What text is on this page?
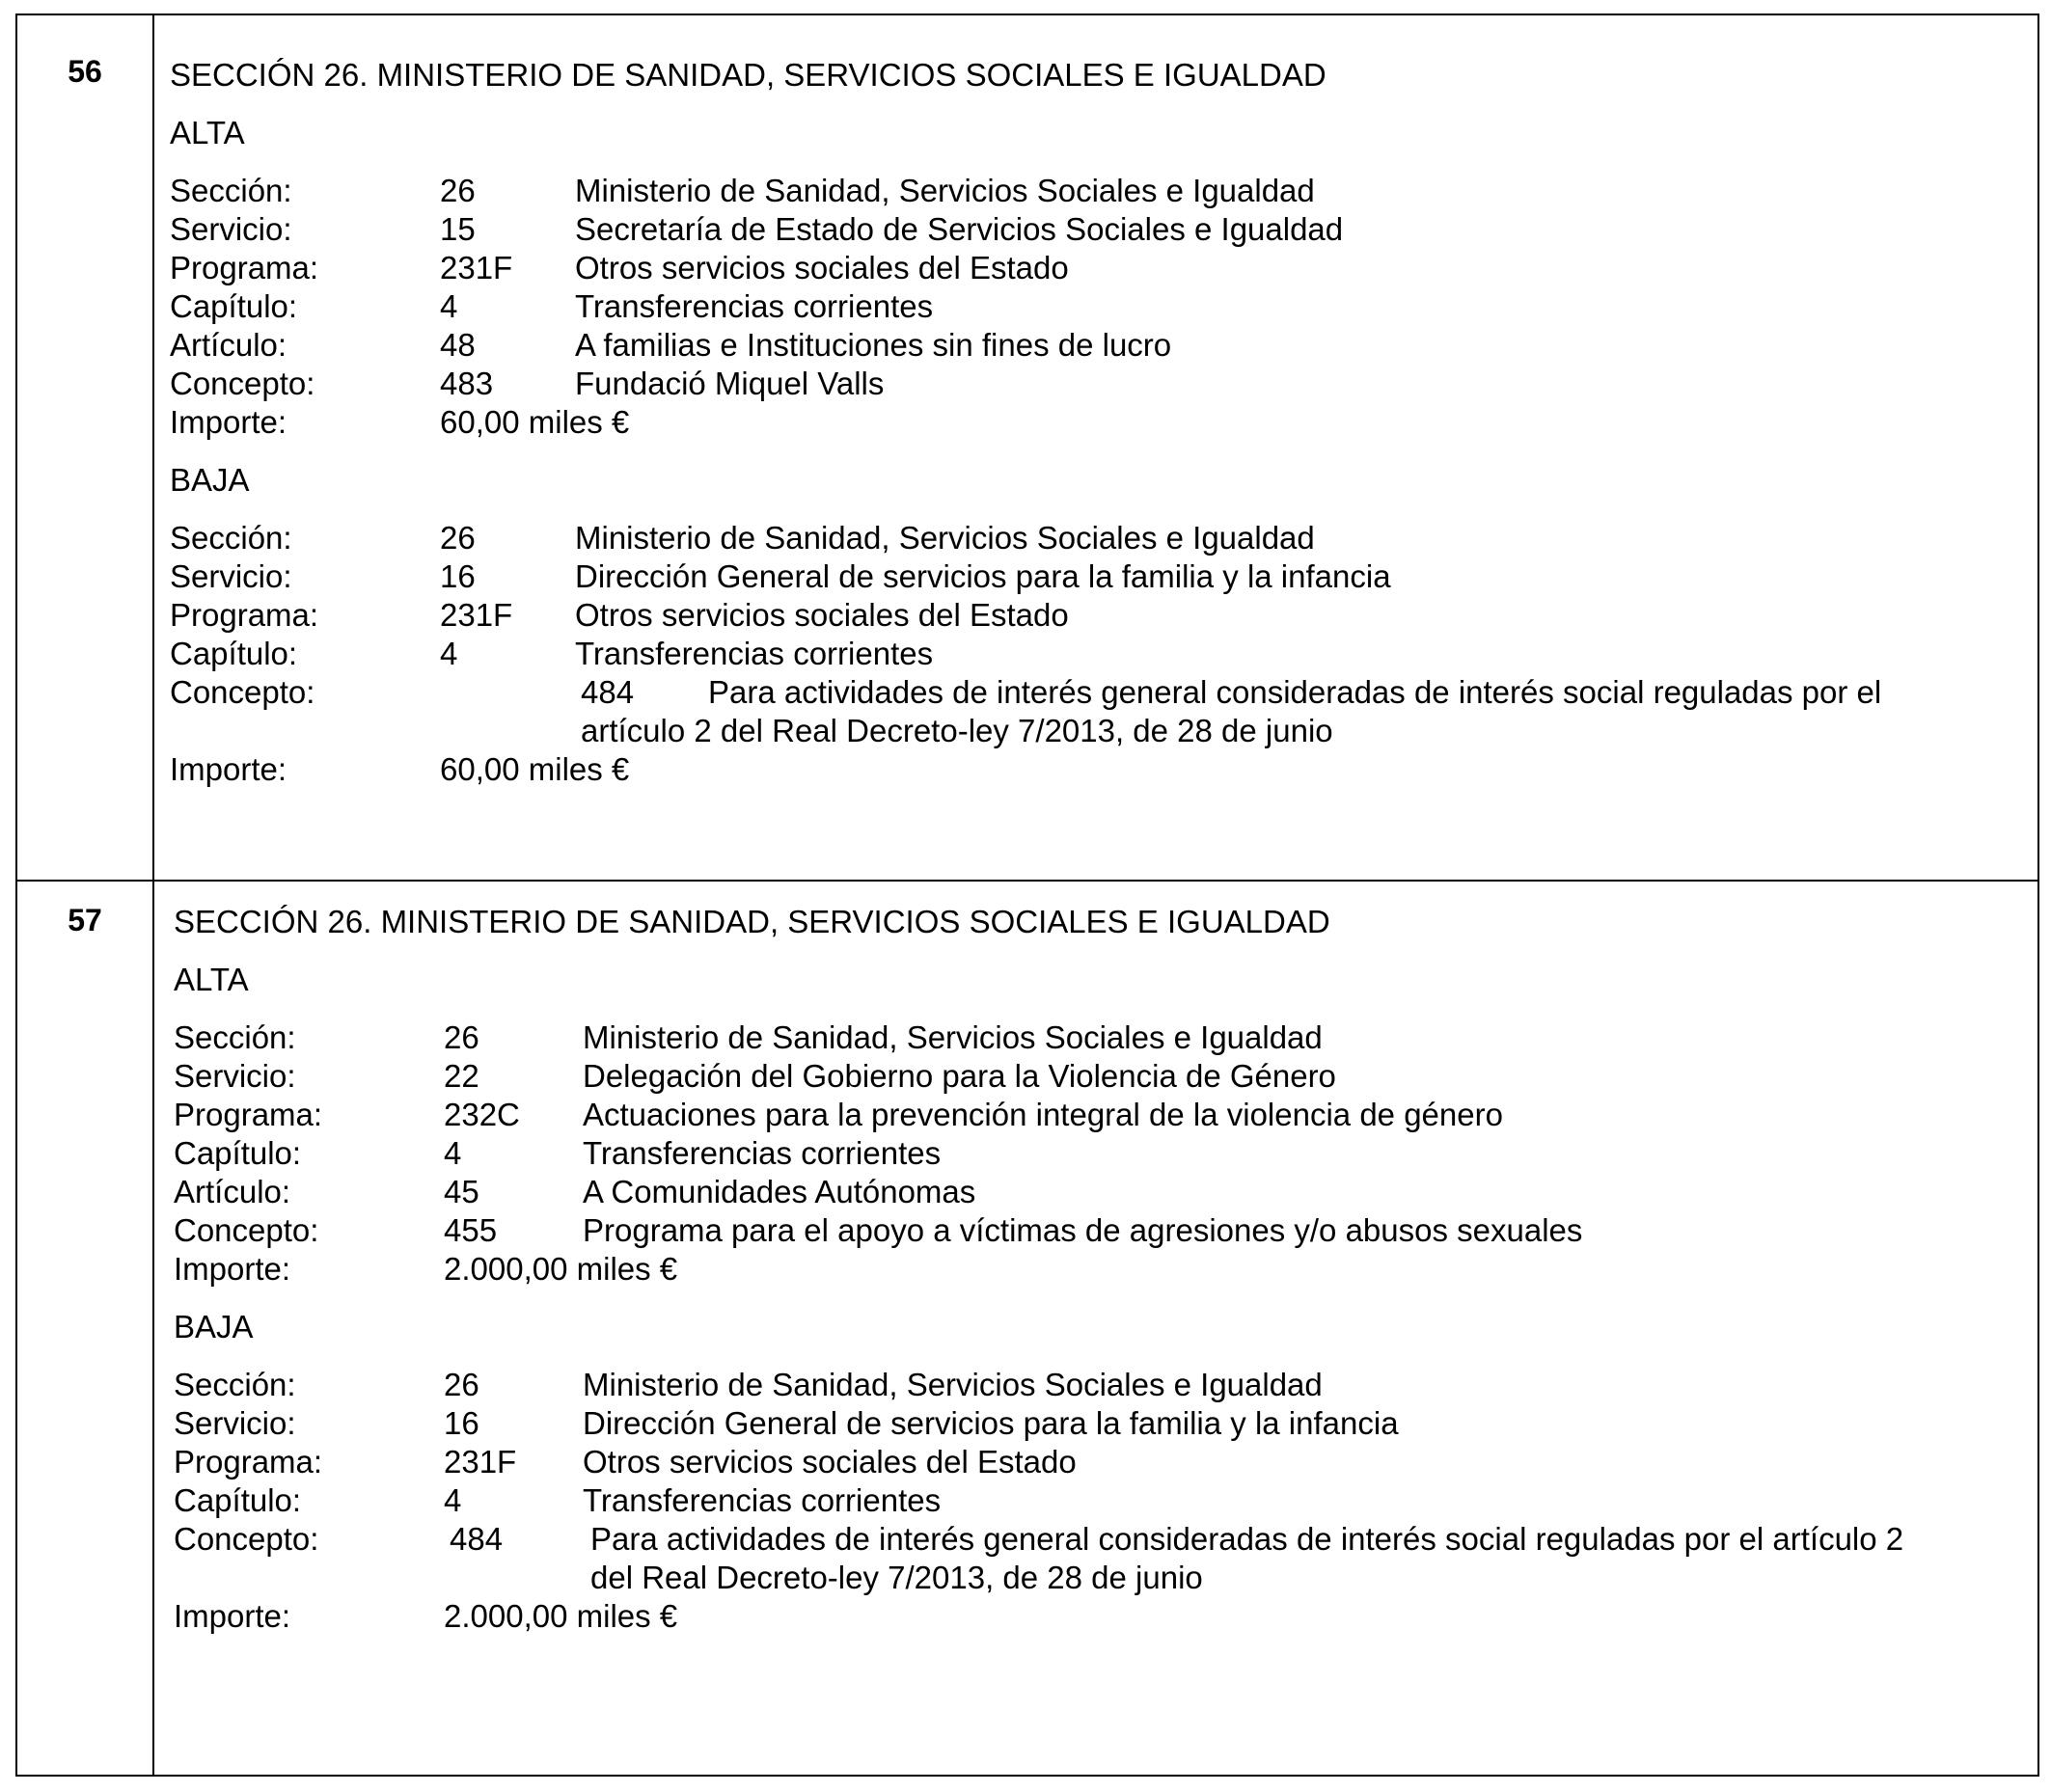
56	SECCIÓN 26. MINISTERIO DE SANIDAD, SERVICIOS SOCIALES E IGUALDAD
ALTA
Sección:	26	Ministerio de Sanidad, Servicios Sociales e Igualdad
Servicio:	15	Secretaría de Estado de Servicios Sociales e Igualdad
Programa:	231F Otros servicios sociales del Estado
Capítulo:	4	Transferencias corrientes
Artículo:	48	A familias e Instituciones sin fines de lucro
Concepto:	483	Fundació Miquel Valls
Importe:	60,00 miles €
BAJA
Sección:	26	Ministerio de Sanidad, Servicios Sociales e Igualdad
Servicio:	16	Dirección General de servicios para la familia y la infancia
Programa:	231F Otros servicios sociales del Estado
Capítulo:	4	Transferencias corrientes
Concepto:	484 Para actividades de interés general consideradas de interés social reguladas por el
artículo 2 del Real Decreto-ley 7/2013, de 28 de junio
Importe:	60,00 miles €
57	SECCIÓN 26. MINISTERIO DE SANIDAD, SERVICIOS SOCIALES E IGUALDAD
ALTA
Sección:	26	Ministerio de Sanidad, Servicios Sociales e Igualdad
Servicio:	22	Delegación del Gobierno para la Violencia de Género
Programa:	232C Actuaciones para la prevención integral de la violencia de género
Capítulo:	4	Transferencias corrientes
Artículo:	45	A Comunidades Autónomas
Concepto:	455	Programa para el apoyo a víctimas de agresiones y/o abusos sexuales
Importe:	2.000,00 miles €
BAJA
Sección:	26	Ministerio de Sanidad, Servicios Sociales e Igualdad
Servicio:	16	Dirección General de servicios para la familia y la infancia
Programa:	231F Otros servicios sociales del Estado
Capítulo:	4	Transferencias corrientes
Concepto:	484	Para actividades de interés general consideradas de interés social reguladas por el artículo 2
del Real Decreto-ley 7/2013, de 28 de junio
Importe:	2.000,00 miles €
